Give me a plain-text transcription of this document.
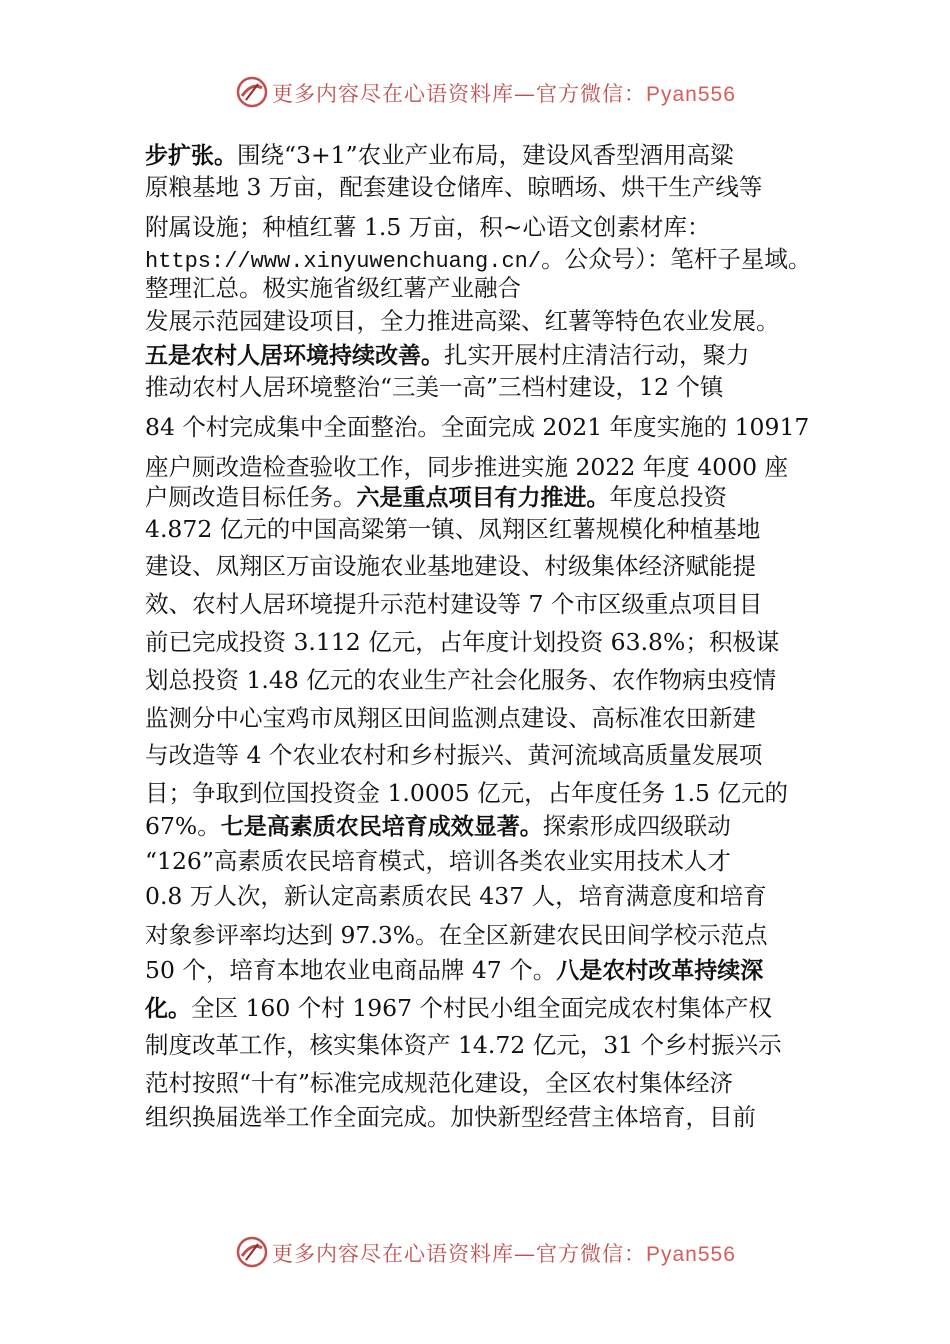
更多内容尽在心语资料库—官方微信：Pyan556
步扩张。围绕“3+1”农业产业布局，建设风香型酒用高粱
原粮基地 3 万亩，配套建设仓储库、晾晒场、烘干生产线等
附属设施；种植红薯 1.5 万亩，积~心语文创素材库：
https://www.xinyuwenchuang.cn/。公众号）：笔杆子星域。
整理汇总。极实施省级红薯产业融合
发展示范园建设项目，全力推进高粱、红薯等特色农业发展。
五是农村人居环境持续改善。扎实开展村庄清洁行动，聚力
推动农村人居环境整治“三美一高”三档村建设，12 个镇
84 个村完成集中全面整治。全面完成 2021 年度实施的 10917
座户厕改造检查验收工作，同步推进实施 2022 年度 4000 座
户厕改造目标任务。六是重点项目有力推进。年度总投资
4.872 亿元的中国高粱第一镇、凤翔区红薯规模化种植基地
建设、凤翔区万亩设施农业基地建设、村级集体经济赋能提
效、农村人居环境提升示范村建设等 7 个市区级重点项目目
前已完成投资 3.112 亿元，占年度计划投资 63.8%；积极谋
划总投资 1.48 亿元的农业生产社会化服务、农作物病虫疫情
监测分中心宝鸡市凤翔区田间监测点建设、高标准农田新建
与改造等 4 个农业农村和乡村振兴、黄河流域高质量发展项
目；争取到位国投资金 1.0005 亿元，占年度任务 1.5 亿元的
67%。七是高素质农民培育成效显著。探索形成四级联动
“126”高素质农民培育模式，培训各类农业实用技术人才
0.8 万人次，新认定高素质农民 437 人，培育满意度和培育
对象参评率均达到 97.3%。在全区新建农民田间学校示范点
50 个，培育本地农业电商品牌 47 个。八是农村改革持续深
化。全区 160 个村 1967 个村民小组全面完成农村集体产权
制度改革工作，核实集体资产 14.72 亿元，31 个乡村振兴示
范村按照“十有”标准完成规范化建设，全区农村集体经济
组织换届选举工作全面完成。加快新型经营主体培育，目前
更多内容尽在心语资料库—官方微信：Pyan556
